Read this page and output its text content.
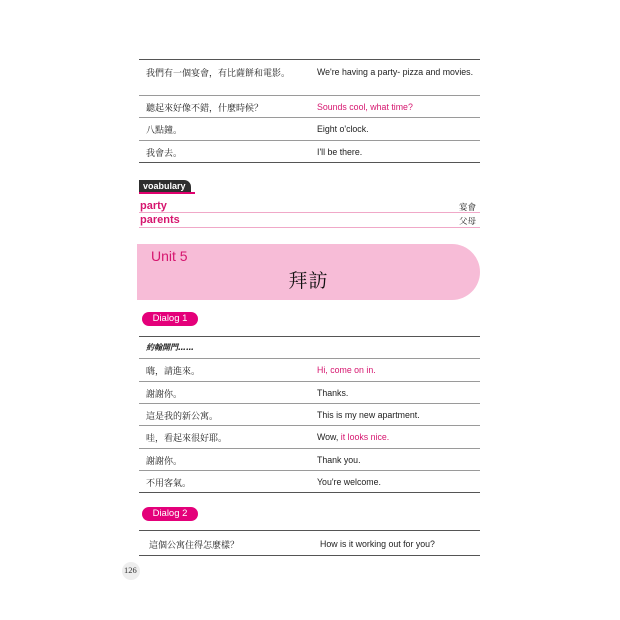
我們有一個宴會，有比薩餅和電影。	We're having a party- pizza and movies.
聽起來好像不錯，什麼時候？	Sounds cool, what time?
八點鐘。	Eight o'clock.
我會去。	I'll be there.
voabulary
party	宴會
parents	父母
Unit 5
拜訪
Dialog 1
約翰開門……
嗨，請進來。	Hi, come on in.
謝謝你。	Thanks.
這是我的新公寓。	This is my new apartment.
哇，看起來很好耶。	Wow, it looks nice.
謝謝你。	Thank you.
不用客氣。	You're welcome.
Dialog 2
這個公寓住得怎麼樣？	How is it working out for you?
126
